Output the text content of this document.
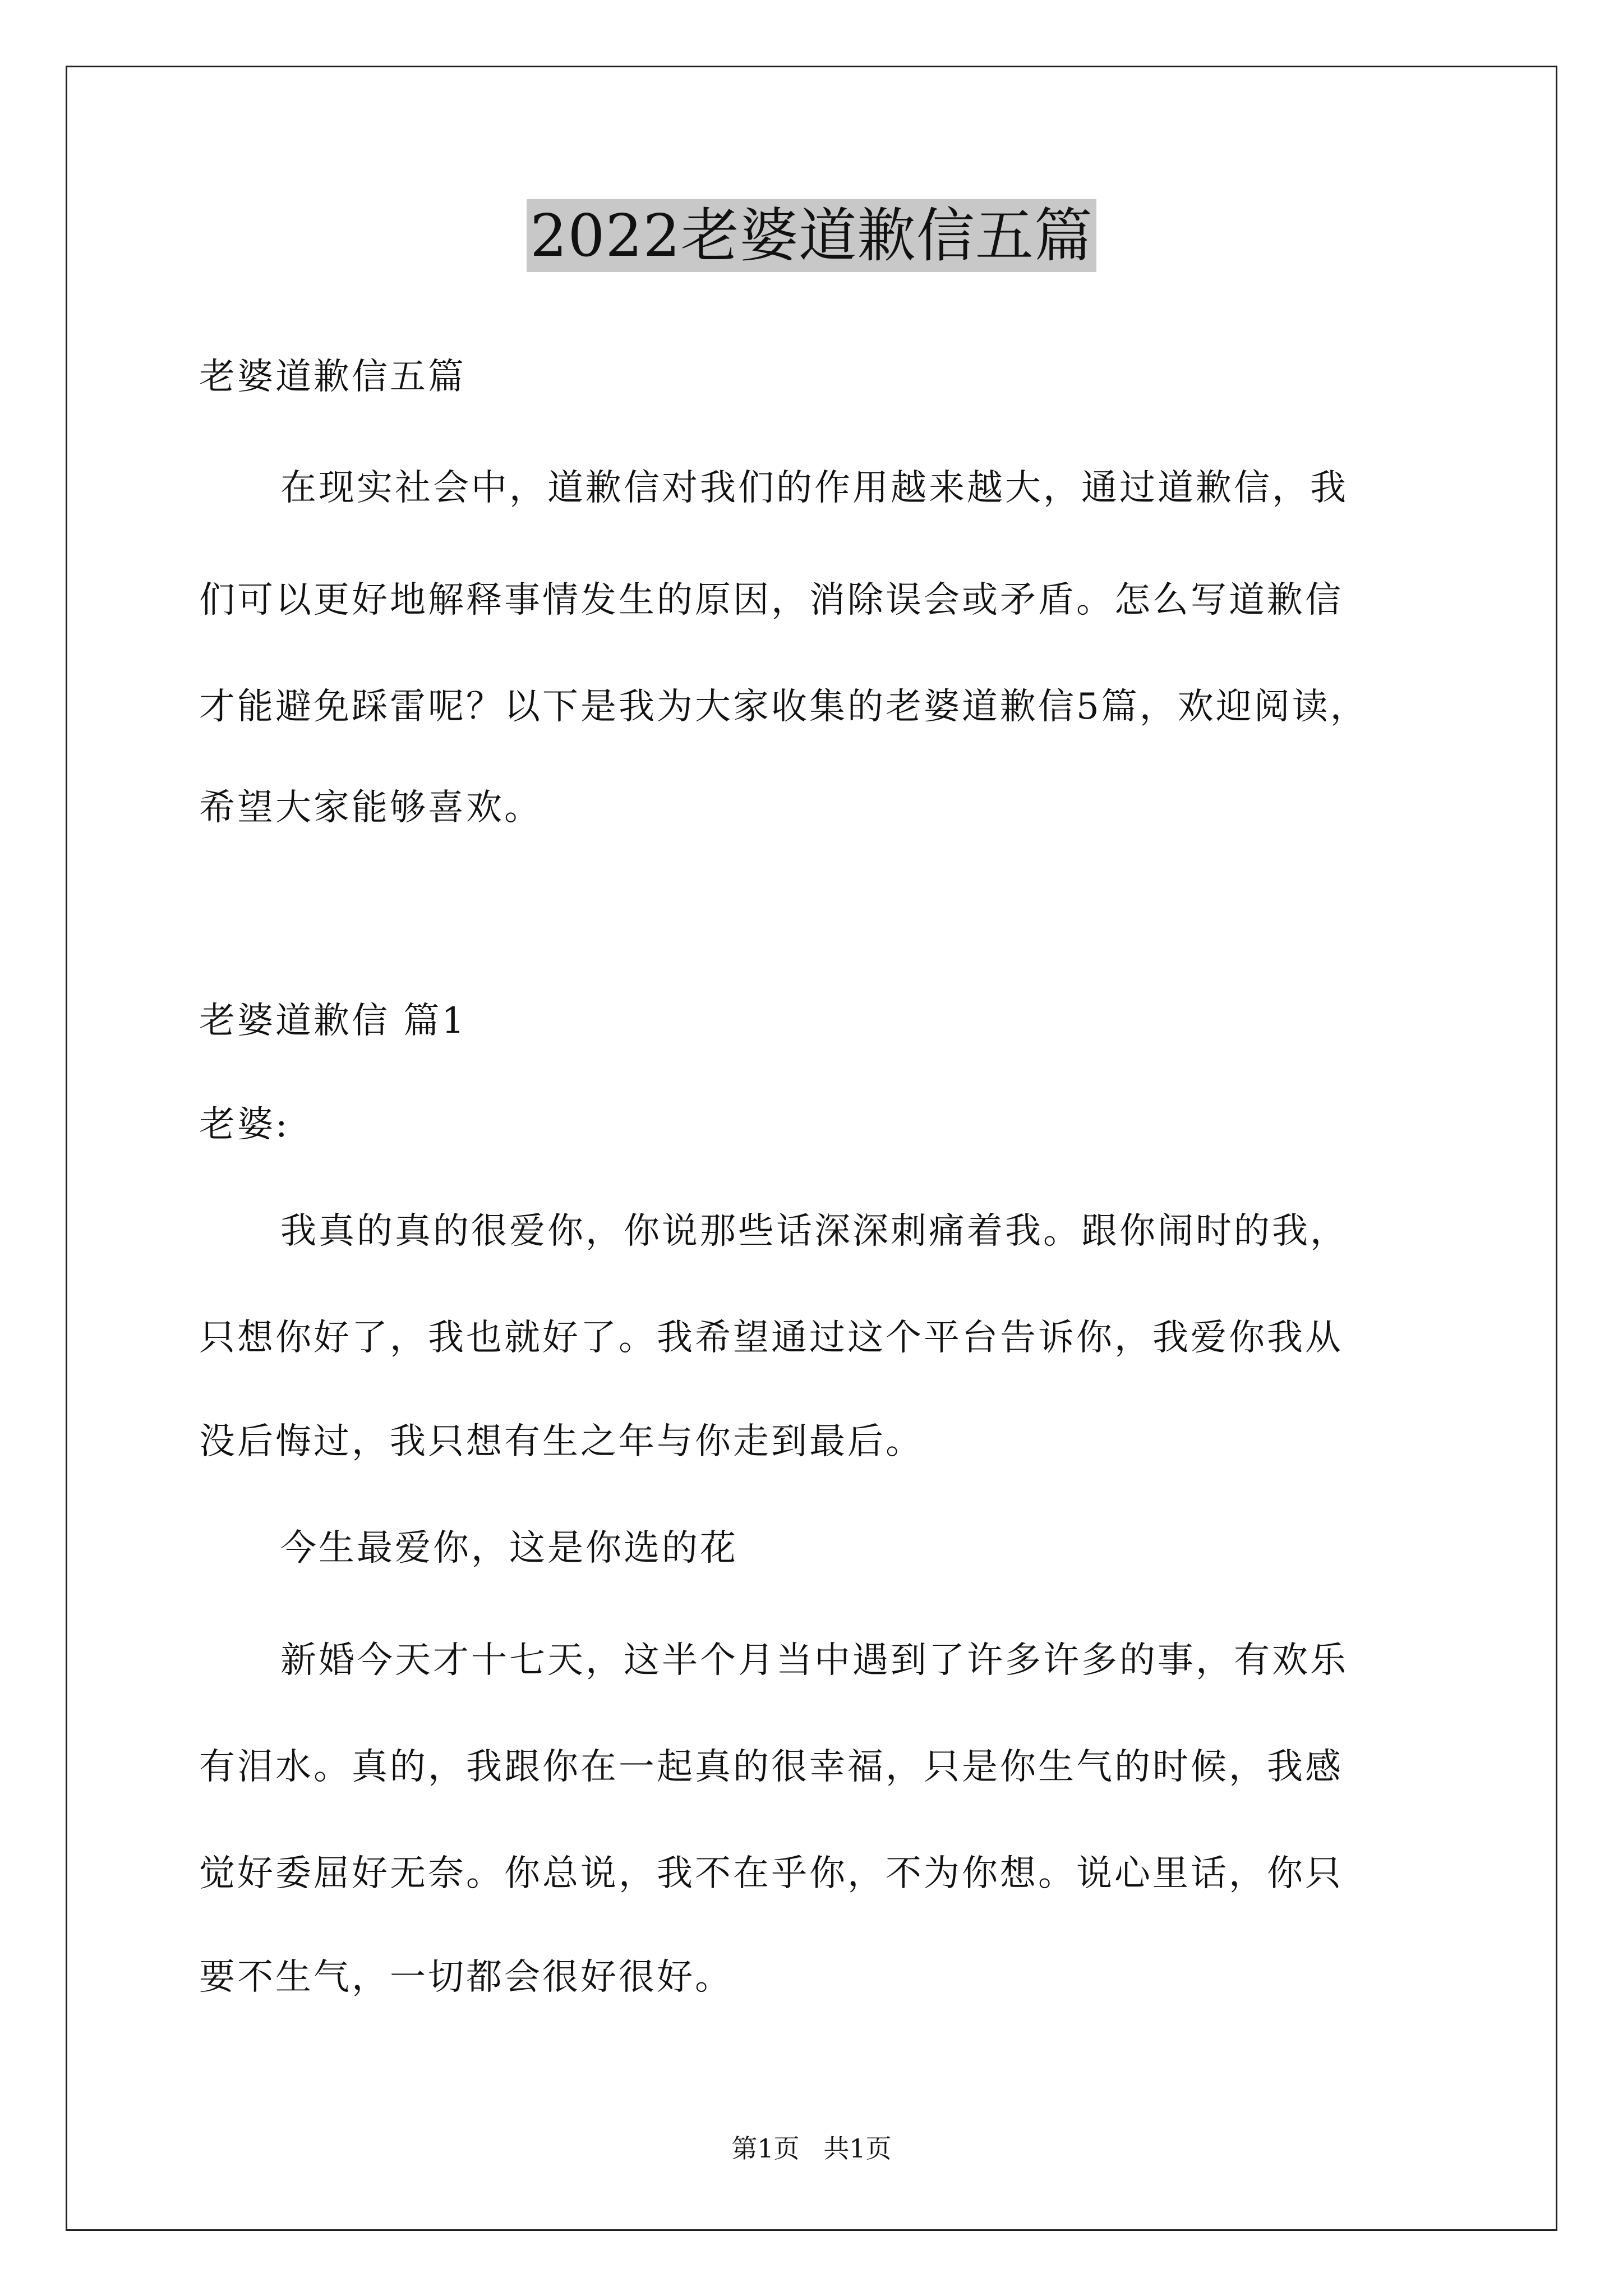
2022老婆道歉信五篇
老婆道歉信五篇
在现实社会中，道歉信对我们的作用越来越大，通过道歉信，我
们可以更好地解释事情发生的原因，消除误会或矛盾。怎么写道歉信
才能避免踩雷呢？以下是我为大家收集的老婆道歉信5篇，欢迎阅读，
希望大家能够喜欢。
老婆道歉信 篇1
老婆:
我真的真的很爱你，你说那些话深深刺痛着我。跟你闹时的我，
只想你好了，我也就好了。我希望通过这个平台告诉你，我爱你我从
没后悔过，我只想有生之年与你走到最后。
今生最爱你，这是你选的花
新婚今天才十七天，这半个月当中遇到了许多许多的事，有欢乐
有泪水。真的，我跟你在一起真的很幸福，只是你生气的时候，我感
觉好委屈好无奈。你总说，我不在乎你，不为你想。说心里话，你只
要不生气，一切都会很好很好。
第1页 共1页
